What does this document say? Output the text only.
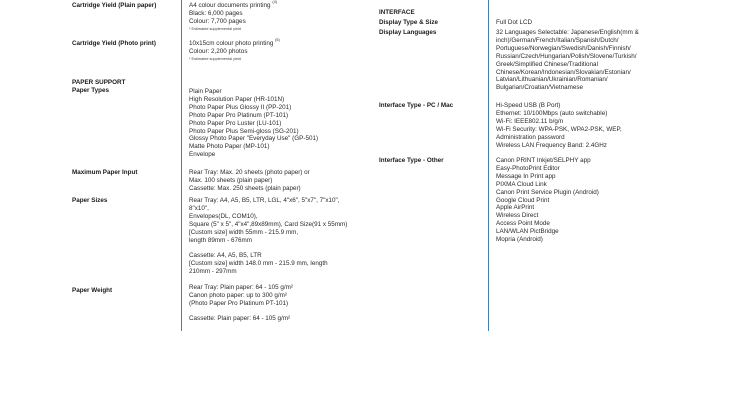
Cartridge Yield (Plain paper)	A4 colour documents printing $^{(4)}$
Black: 6,000 pages
Colour: 7,700 pages
* Estimated supplemental yield
Cartridge Yield (Photo print)	10x15cm colour photo printing $^{(5)}$
Colour: 2,200 photos
* Estimated supplemental yield
PAPER SUPPORT
Paper Types	Plain Paper
High Resolution Paper (HR-101N)
Photo Paper Plus Glossy II (PP-201)
Photo Paper Pro Platinum (PT-101)
Photo Paper Pro Luster (LU-101)
Photo Paper Plus Semi-gloss (SG-201)
Glossy Photo Paper "Everyday Use" (GP-501)
Matte Photo Paper (MP-101)
Envelope
Maximum Paper Input	Rear Tray: Max. 20 sheets (photo paper) or
Max. 100 sheets (plain paper)
Cassette: Max. 250 sheets (plain paper)
Paper Sizes	Rear Tray: A4, A5, B5, LTR, LGL, 4"x6", 5"x7", 7"x10",
8"x10",
Envelopes(DL, COM10),
Square (5" x 5", 4"x4",89x89mm), Card Size(91 x 55mm)
[Custom size] width 55mm - 215.9 mm,
length 89mm - 676mm
Cassette: A4, A5, B5, LTR
[Custom size] width 148.0 mm - 215.9 mm, length
210mm - 297mm
Paper Weight	Rear Tray: Plain paper: 64 - 105 g/m²
Canon photo paper: up to 300 g/m²
(Photo Paper Pro Platinum PT-101)
Cassette: Plain paper: 64 - 105 g/m²
INTERFACE
Display Type & Size	Full Dot LCD
Display Languages	32 Languages Selectable: Japanese/English(mm &
inch)/German/French/Italian/Spanish/Dutch/
Portuguese/Norwegian/Swedish/Danish/Finnish/
Russian/Czech/Hungarian/Polish/Slovene/Turkish/
Greek/Simplified Chinese/Traditional
Chinese/Korean/Indonesian/Slovakian/Estonian/
Latvian/Lithuanian/Ukrainian/Romanian/
Bulgarian/Croatian/Vietnamese
Interface Type - PC / Mac	Hi-Speed USB (B Port)
Ethernet: 10/100Mbps (auto switchable)
Wi-Fi: IEEE802.11 b/g/n
Wi-Fi Security: WPA-PSK, WPA2-PSK, WEP,
Administration password
Wireless LAN Frequency Band: 2.4GHz
Interface Type - Other	Canon PRINT Inkjet/SELPHY app
Easy-PhotoPrint Editor
Message In Print app
PIXMA Cloud Link
Canon Print Service Plugin (Android)
Google Cloud Print
Apple AirPrint
Wireless Direct
Access Point Mode
LAN/WLAN PictBridge
Mopria (Android)
